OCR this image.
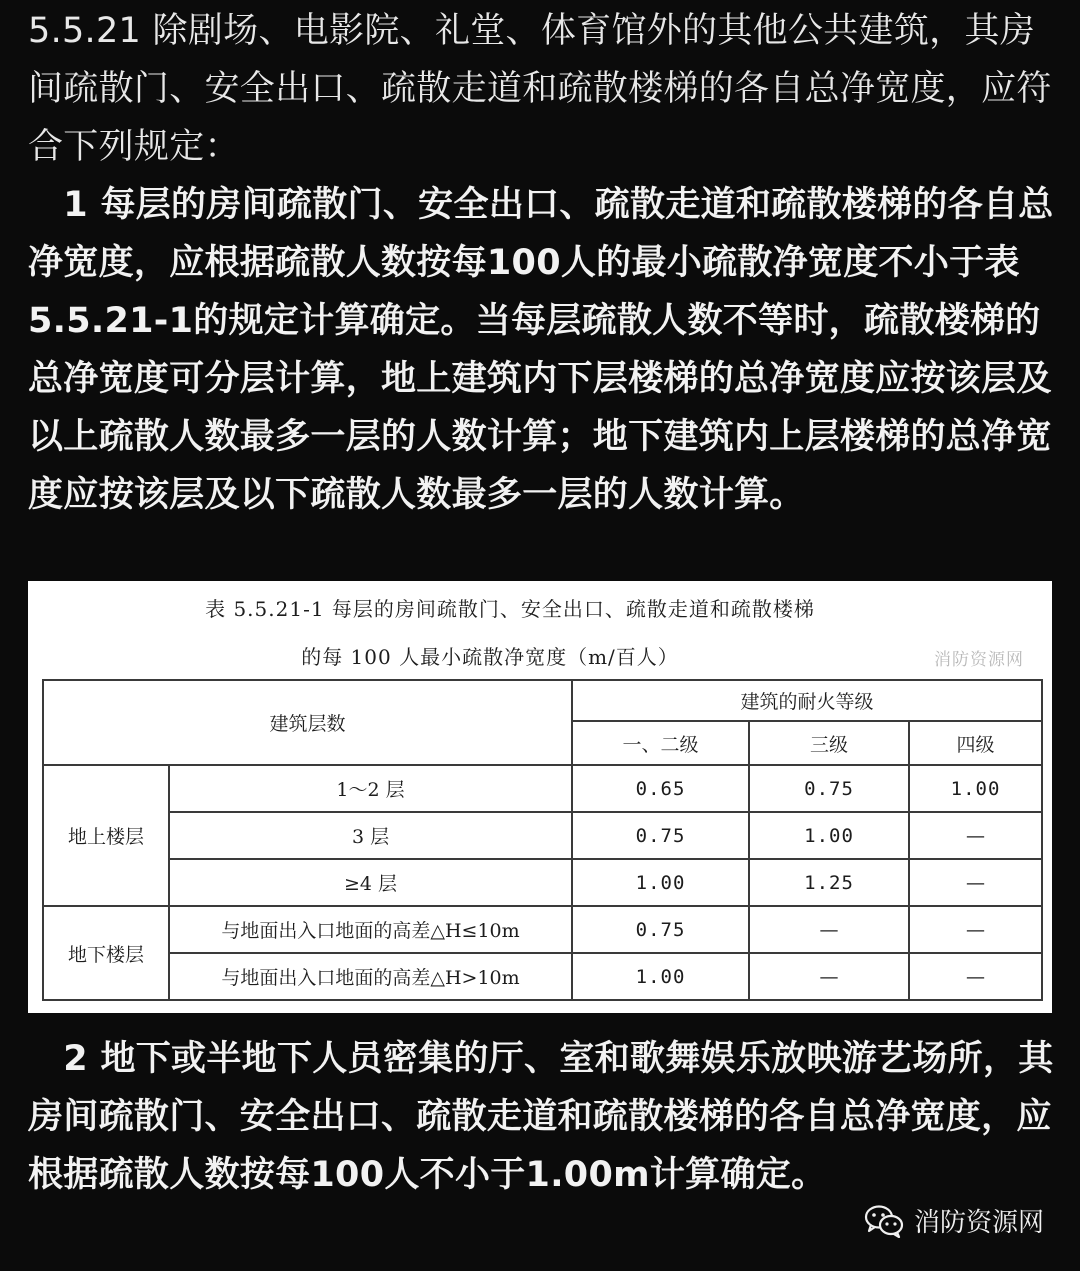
5.5.21 除剧场、电影院、礼堂、体育馆外的其他公共建筑，其房间疏散门、安全出口、疏散走道和疏散楼梯的各自总净宽度，应符合下列规定：

　1 每层的房间疏散门、安全出口、疏散走道和疏散楼梯的各自总净宽度，应根据疏散人数按每100人的最小疏散净宽度不小于表5.5.21-1的规定计算确定。当每层疏散人数不等时，疏散楼梯的总净宽度可分层计算，地上建筑内下层楼梯的总净宽度应按该层及以上疏散人数最多一层的人数计算；地下建筑内上层楼梯的总净宽度应按该层及以下疏散人数最多一层的人数计算。

表 5.5.21-1 每层的房间疏散门、安全出口、疏散走道和疏散楼梯
的每 100 人最小疏散净宽度（m/百人）	消防资源网
建筑层数		建筑的耐火等级		
		一、二级	三级	四级
地上楼层	1～2 层	0.65	0.75	1.00
	3 层	0.75	1.00	—
	≥4 层	1.00	1.25	—
地下楼层	与地面出入口地面的高差△H≤10m	0.75	—	—
	与地面出入口地面的高差△H>10m	1.00	—	—

　2 地下或半地下人员密集的厅、室和歌舞娱乐放映游艺场所，其房间疏散门、安全出口、疏散走道和疏散楼梯的各自总净宽度，应根据疏散人数按每100人不小于1.00m计算确定。

消防资源网
